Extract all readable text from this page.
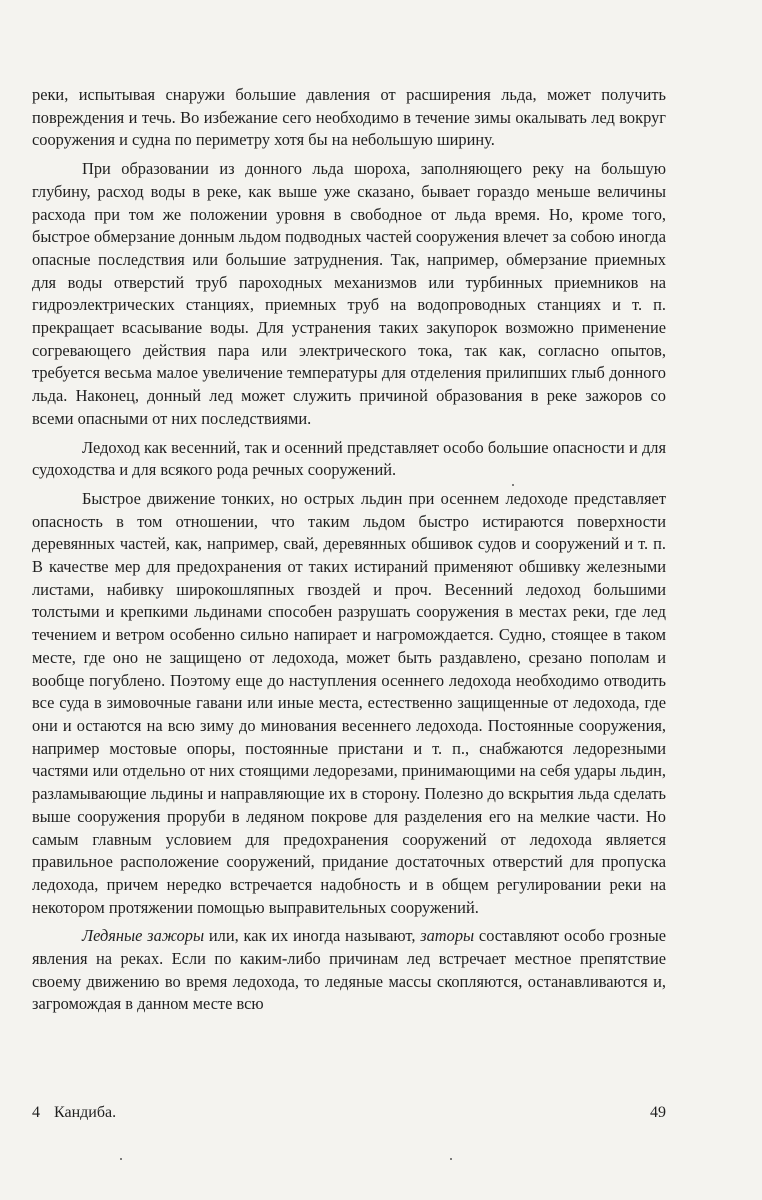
реки, испытывая снаружи большие давления от расширения льда, может получить повреждения и течь. Во избежание сего необходимо в течение зимы окалывать лед вокруг сооружения и судна по периметру хотя бы на небольшую ширину.

При образовании из донного льда шороха, заполняющего реку на большую глубину, расход воды в реке, как выше уже сказано, бывает гораздо меньше величины расхода при том же положении уровня в свободное от льда время. Но, кроме того, быстрое обмерзание донным льдом подводных частей сооружения влечет за собою иногда опасные последствия или большие затруднения. Так, например, обмерзание приемных для воды отверстий труб пароходных механизмов или турбинных приемников на гидроэлектрических станциях, приемных труб на водопроводных станциях и т. п. прекращает всасывание воды. Для устранения таких закупорок возможно применение согревающего действия пара или электрического тока, так как, согласно опытов, требуется весьма малое увеличение температуры для отделения прилипших глыб донного льда. Наконец, донный лед может служить причиной образования в реке зажоров со всеми опасными от них последствиями.

Ледоход как весенний, так и осенний представляет особо большие опасности и для судоходства и для всякого рода речных сооружений.

Быстрое движение тонких, но острых льдин при осеннем ледоходе представляет опасность в том отношении, что таким льдом быстро истираются поверхности деревянных частей, как, например, свай, деревянных обшивок судов и сооружений и т. п. В качестве мер для предохранения от таких истираний применяют обшивку железными листами, набивку широкошляпных гвоздей и проч. Весенний ледоход большими толстыми и крепкими льдинами способен разрушать сооружения в местах реки, где лед течением и ветром особенно сильно напирает и нагромождается. Судно, стоящее в таком месте, где оно не защищено от ледохода, может быть раздавлено, срезано пополам и вообще погублено. Поэтому еще до наступления осеннего ледохода необходимо отводить все суда в зимовочные гавани или иные места, естественно защищенные от ледохода, где они и остаются на всю зиму до минования весеннего ледохода. Постоянные сооружения, например мостовые опоры, постоянные пристани и т. п., снабжаются ледорезными частями или отдельно от них стоящими ледорезами, принимающими на себя удары льдин, разламывающие льдины и направляющие их в сторону. Полезно до вскрытия льда сделать выше сооружения проруби в ледяном покрове для разделения его на мелкие части. Но самым главным условием для предохранения сооружений от ледохода является правильное расположение сооружений, придание достаточных отверстий для пропуска ледохода, причем нередко встречается надобность и в общем регулировании реки на некотором протяжении помощью выправительных сооружений.

Ледяные зажоры или, как их иногда называют, заторы составляют особо грозные явления на реках. Если по каким-либо причинам лед встречает местное препятствие своему движению во время ледохода, то ледяные массы скопляются, останавливаются и, загромождая в данном месте всю

4 Кандиба.	49
